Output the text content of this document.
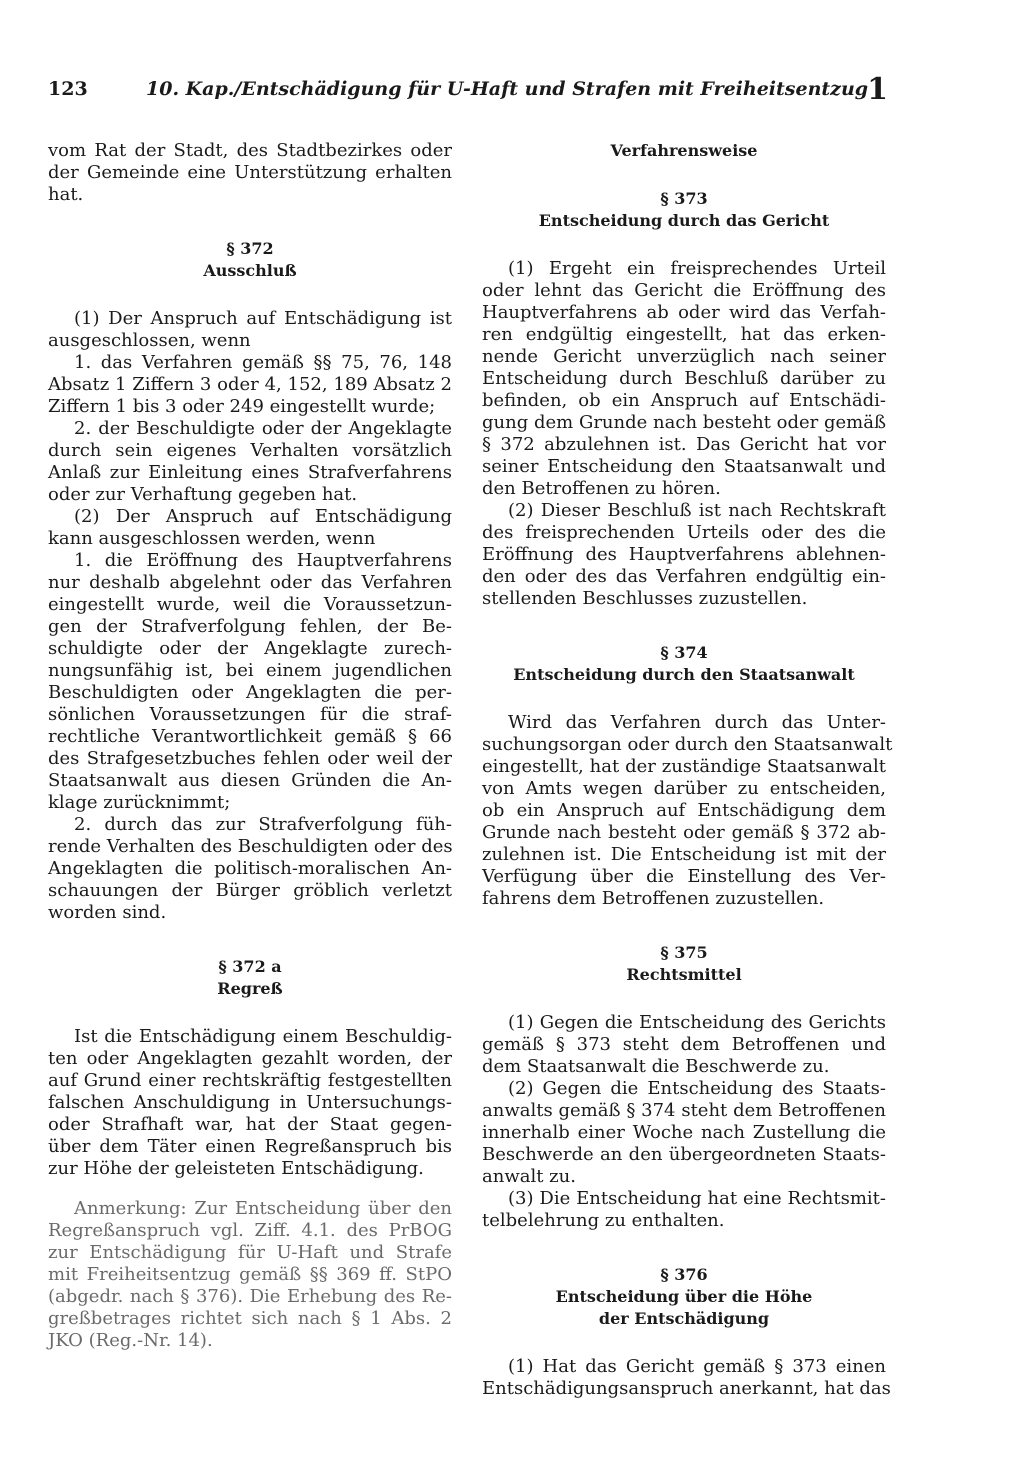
123	10. Kap./Entschädigung für U-Haft und Strafen mit Freiheitsentzug 1
vom Rat der Stadt, des Stadtbezirkes oder
der Gemeinde eine Unterstützung erhalten
hat.
§ 372
Ausschluß
(1) Der Anspruch auf Entschädigung ist
ausgeschlossen, wenn
1. das Verfahren gemäß §§ 75, 76, 148
Absatz 1 Ziffern 3 oder 4, 152, 189 Absatz 2
Ziffern 1 bis 3 oder 249 eingestellt wurde;
2. der Beschuldigte oder der Angeklagte
durch sein eigenes Verhalten vorsätzlich
Anlaß zur Einleitung eines Strafverfahrens
oder zur Verhaftung gegeben hat.
(2) Der Anspruch auf Entschädigung
kann ausgeschlossen werden, wenn
1. die Eröffnung des Hauptverfahrens
nur deshalb abgelehnt oder das Verfahren
eingestellt wurde, weil die Voraussetzun-
gen der Strafverfolgung fehlen, der Be-
schuldigte oder der Angeklagte zurech-
nungsunfähig ist, bei einem jugendlichen
Beschuldigten oder Angeklagten die per-
sönlichen Voraussetzungen für die straf-
rechtliche Verantwortlichkeit gemäß § 66
des Strafgesetzbuches fehlen oder weil der
Staatsanwalt aus diesen Gründen die An-
klage zurücknimmt;
2. durch das zur Strafverfolgung füh-
rende Verhalten des Beschuldigten oder des
Angeklagten die politisch-moralischen An-
schauungen der Bürger gröblich verletzt
worden sind.
§ 372 a
Regreß
Ist die Entschädigung einem Beschuldig-
ten oder Angeklagten gezahlt worden, der
auf Grund einer rechtskräftig festgestellten
falschen Anschuldigung in Untersuchungs-
oder Strafhaft war, hat der Staat gegen-
über dem Täter einen Regreßanspruch bis
zur Höhe der geleisteten Entschädigung.
Anmerkung: Zur Entscheidung über den
Regreßanspruch vgl. Ziff. 4.1. des PrBOG
zur Entschädigung für U-Haft und Strafe
mit Freiheitsentzug gemäß §§ 369 ff. StPO
(abgedr. nach § 376). Die Erhebung des Re-
greßbetrages richtet sich nach § 1 Abs. 2
JKO (Reg.-Nr. 14).
Verfahrensweise
§ 373
Entscheidung durch das Gericht
(1) Ergeht ein freisprechendes Urteil
oder lehnt das Gericht die Eröffnung des
Hauptverfahrens ab oder wird das Verfah-
ren endgültig eingestellt, hat das erken-
nende Gericht unverzüglich nach seiner
Entscheidung durch Beschluß darüber zu
befinden, ob ein Anspruch auf Entschädi-
gung dem Grunde nach besteht oder gemäß
§ 372 abzulehnen ist. Das Gericht hat vor
seiner Entscheidung den Staatsanwalt und
den Betroffenen zu hören.
(2) Dieser Beschluß ist nach Rechtskraft
des freisprechenden Urteils oder des die
Eröffnung des Hauptverfahrens ablehnen-
den oder des das Verfahren endgültig ein-
stellenden Beschlusses zuzustellen.
§ 374
Entscheidung durch den Staatsanwalt
Wird das Verfahren durch das Unter-
suchungsorgan oder durch den Staatsanwalt
eingestellt, hat der zuständige Staatsanwalt
von Amts wegen darüber zu entscheiden,
ob ein Anspruch auf Entschädigung dem
Grunde nach besteht oder gemäß § 372 ab-
zulehnen ist. Die Entscheidung ist mit der
Verfügung über die Einstellung des Ver-
fahrens dem Betroffenen zuzustellen.
§ 375
Rechtsmittel
(1) Gegen die Entscheidung des Gerichts
gemäß § 373 steht dem Betroffenen und
dem Staatsanwalt die Beschwerde zu.
(2) Gegen die Entscheidung des Staats-
anwalts gemäß § 374 steht dem Betroffenen
innerhalb einer Woche nach Zustellung die
Beschwerde an den übergeordneten Staats-
anwalt zu.
(3) Die Entscheidung hat eine Rechtsmit-
telbelehrung zu enthalten.
§ 376
Entscheidung über die Höhe
der Entschädigung
(1) Hat das Gericht gemäß § 373 einen
Entschädigungsanspruch anerkannt, hat das
